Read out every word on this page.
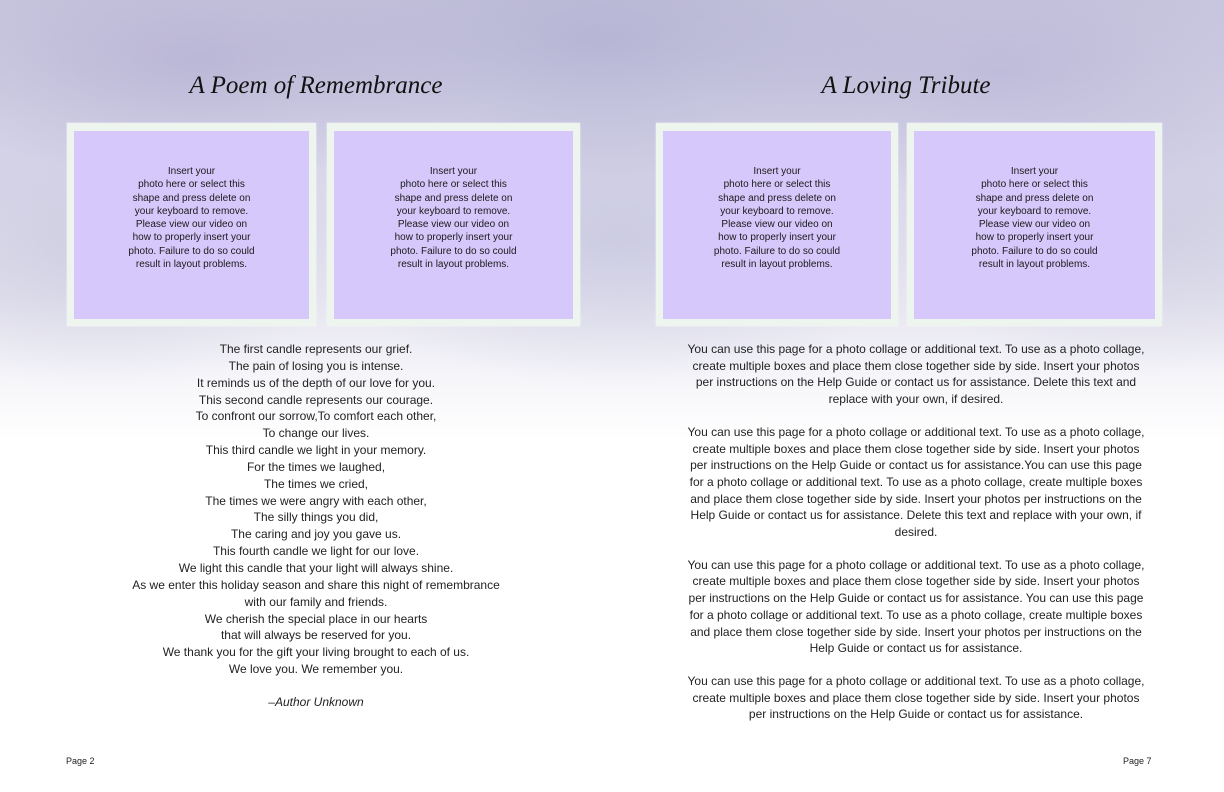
A Poem of Remembrance	A Loving Tribute
Insert your
photo here or select this
shape and press delete on
your keyboard to remove.
Please view our video on
how to properly insert your
photo. Failure to do so could
result in layout problems.
Insert your
photo here or select this
shape and press delete on
your keyboard to remove.
Please view our video on
how to properly insert your
photo. Failure to do so could
result in layout problems.
Insert your
photo here or select this
shape and press delete on
your keyboard to remove.
Please view our video on
how to properly insert your
photo. Failure to do so could
result in layout problems.
Insert your
photo here or select this
shape and press delete on
your keyboard to remove.
Please view our video on
how to properly insert your
photo. Failure to do so could
result in layout problems.
The first candle represents our grief.
The pain of losing you is intense.
It reminds us of the depth of our love for you.
This second candle represents our courage.
To confront our sorrow,To comfort each other,
To change our lives.
This third candle we light in your memory.
For the times we laughed,
The times we cried,
The times we were angry with each other,
The silly things you did,
The caring and joy you gave us.
This fourth candle we light for our love.
We light this candle that your light will always shine.
As we enter this holiday season and share this night of remembrance
with our family and friends.
We cherish the special place in our hearts
that will always be reserved for you.
We thank you for the gift your living brought to each of us.
We love you. We remember you.
–Author Unknown

You can use this page for a photo collage or additional text. To use as a photo collage, create multiple boxes and place them close together side by side. Insert your photos per instructions on the Help Guide or contact us for assistance. Delete this text and replace with your own, if desired.

You can use this page for a photo collage or additional text. To use as a photo collage, create multiple boxes and place them close together side by side. Insert your photos per instructions on the Help Guide or contact us for assistance.You can use this page for a photo collage or additional text. To use as a photo collage, create multiple boxes and place them close together side by side. Insert your photos per instructions on the Help Guide or contact us for assistance. Delete this text and replace with your own, if desired.

You can use this page for a photo collage or additional text. To use as a photo collage, create multiple boxes and place them close together side by side. Insert your photos per instructions on the Help Guide or contact us for assistance. You can use this page for a photo collage or additional text. To use as a photo collage, create multiple boxes and place them close together side by side. Insert your photos per instructions on the Help Guide or contact us for assistance.

You can use this page for a photo collage or additional text. To use as a photo collage, create multiple boxes and place them close together side by side. Insert your photos per instructions on the Help Guide or contact us for assistance.

Page 2	Page 7
